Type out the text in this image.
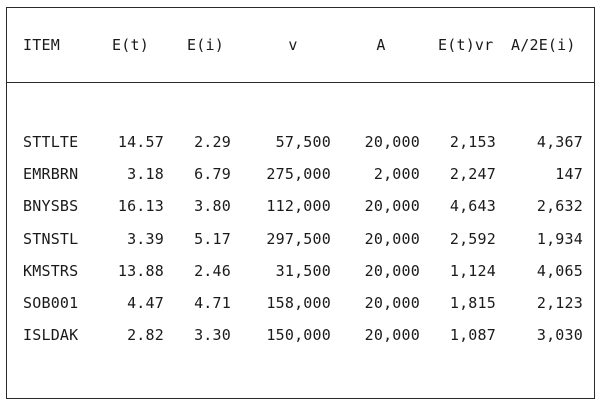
ITEM	E(t)	E(i)	v	A	E(t)vr A/2E(i)
STTLTE	14.57 2.29	57,500 20,000 2,153	4,367
EMRBRN	3.18 6.79 275,000	2,000 2,247	147
BNYSBS	16.13 3.80 112,000 20,000 4,643	2,632
STNSTL	3.39 5.17 297,500 20,000 2,592	1,934
KMSTRS	13.88 2.46	31,500 20,000 1,124	4,065
SOB001	4.47 4.71 158,000 20,000 1,815	2,123
ISLDAK	2.82 3.30 150,000 20,000 1,087	3,030
